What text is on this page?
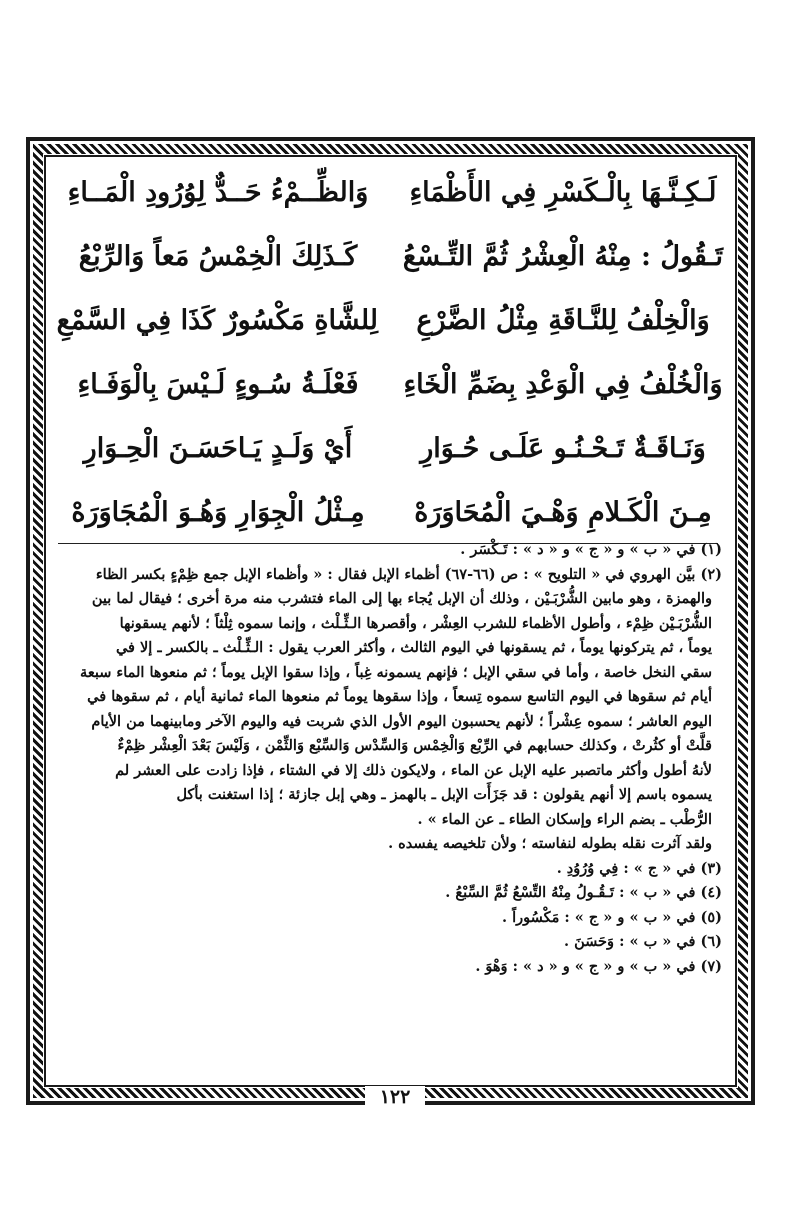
لَـكِـنَّـهَا بِالْـكَسْرِ فِي الأَظْمَاءِ
وَالظِّــمْءُ حَــدٌّ لِوُرُودِ الْمَــاءِ
تَـقُولُ : مِنْهُ الْعِشْرُ ثُمَّ التِّـسْعُ
كَـذَلِكَ الْخِمْسُ مَعاً وَالرِّبْعُ
وَالْخِلْفُ لِلنَّـاقَةِ مِثْلُ الضَّرْعِ
لِلشَّاةِ مَكْسُورٌ كَذَا فِي السَّمْعِ
وَالْخُلْفُ فِي الْوَعْدِ بِضَمِّ الْخَاءِ
فَعْلَـةُ سُـوءٍ لَـيْسَ بِالْوَفَـاءِ
وَنَـاقَـةٌ تَـحْـنُـو عَلَـى حُـوَارِ
أَيْ وَلَـدٍ يَـاحَسَـنَ الْحِـوَارِ
مِـنَ الْكَـلامِ وَهْـيَ الْمُحَاوَرَهْ
مِـثْلُ الْجِوَارِ وَهُـوَ الْمُجَاوَرَهْ

(١) في « ب » و « ج » و « د » : تَـكْسَر .

(٢) بيَّن الهروي في « التلويح » : ص (٦٦-٦٧) أظماء الإبل فقال : « وأظماء الإبل جمع ظِمْءٍ بكسر الظاء

والهمزة ، وهو مابين الشُّرْبَـيْن ، وذلك أن الإبل يُجاء بها إلى الماء فتشرب منه مرة أخرى ؛ فيقال لما بين

الشُّرْبَـيْن ظِمْء ، وأطول الأظماء للشرب العِشْر ، وأقصرها الـثِّـلْث ، وإنما سموه ثِلْثاً ؛ لأنهم يسقونها

يوماً ، ثم يتركونها يوماً ، ثم يسقونها في اليوم الثالث ، وأكثر العرب يقول : الـثِّـلْث ـ بالكسر ـ إلا في

سقي النخل خاصة ، وأما في سقي الإبل ؛ فإنهم يسمونه غِباً ، وإذا سقوا الإبل يوماً ؛ ثم منعوها الماء سبعة

أيام ثم سقوها في اليوم التاسع سموه تِسعاً ، وإذا سقوها يوماً ثم منعوها الماء ثمانية أيام ، ثم سقوها في

اليوم العاشر ؛ سموه عِشْراً ؛ لأنهم يحسبون اليوم الأول الذي شربت فيه واليوم الآخر ومابينهما من الأيام

قلَّتْ أو كثُرتْ ، وكذلك حسابهم في الرِّبْع وَالْخِمْس وَالسِّدْس وَالسِّبْع وَالثِّمْن ، وَلَيْسَ بَعْدَ الْعِشْر ظِمْءٌ

لأنهُ أطول وأكثر ماتصبر عليه الإبل عن الماء ، ولايكون ذلك إلا في الشتاء ، فإذا زادت على العشر لم

يسموه باسم إلا أنهم يقولون : قد جَزَأَت الإبل ـ بالهمز ـ وهي إبل جازئة ؛ إذا استغنت بأكل

الرُّطْب ـ بضم الراء وإسكان الطاء ـ عن الماء » .

ولقد آثرت نقله بطوله لنفاسته ؛ ولأن تلخيصه يفسده .

(٣) في « ج » : فِي وُرُوُدِ .

(٤) في « ب » : تَـقُـولُ مِنْهُ التِّسْعُ ثُمَّ السِّبْعُ .

(٥) في « ب » و « ج » : مَكْسُوراً .

(٦) في « ب » : وَحَسَنَ .

(٧) في « ب » و « ج » و « د » : وَهْوَ .

١٢٢
